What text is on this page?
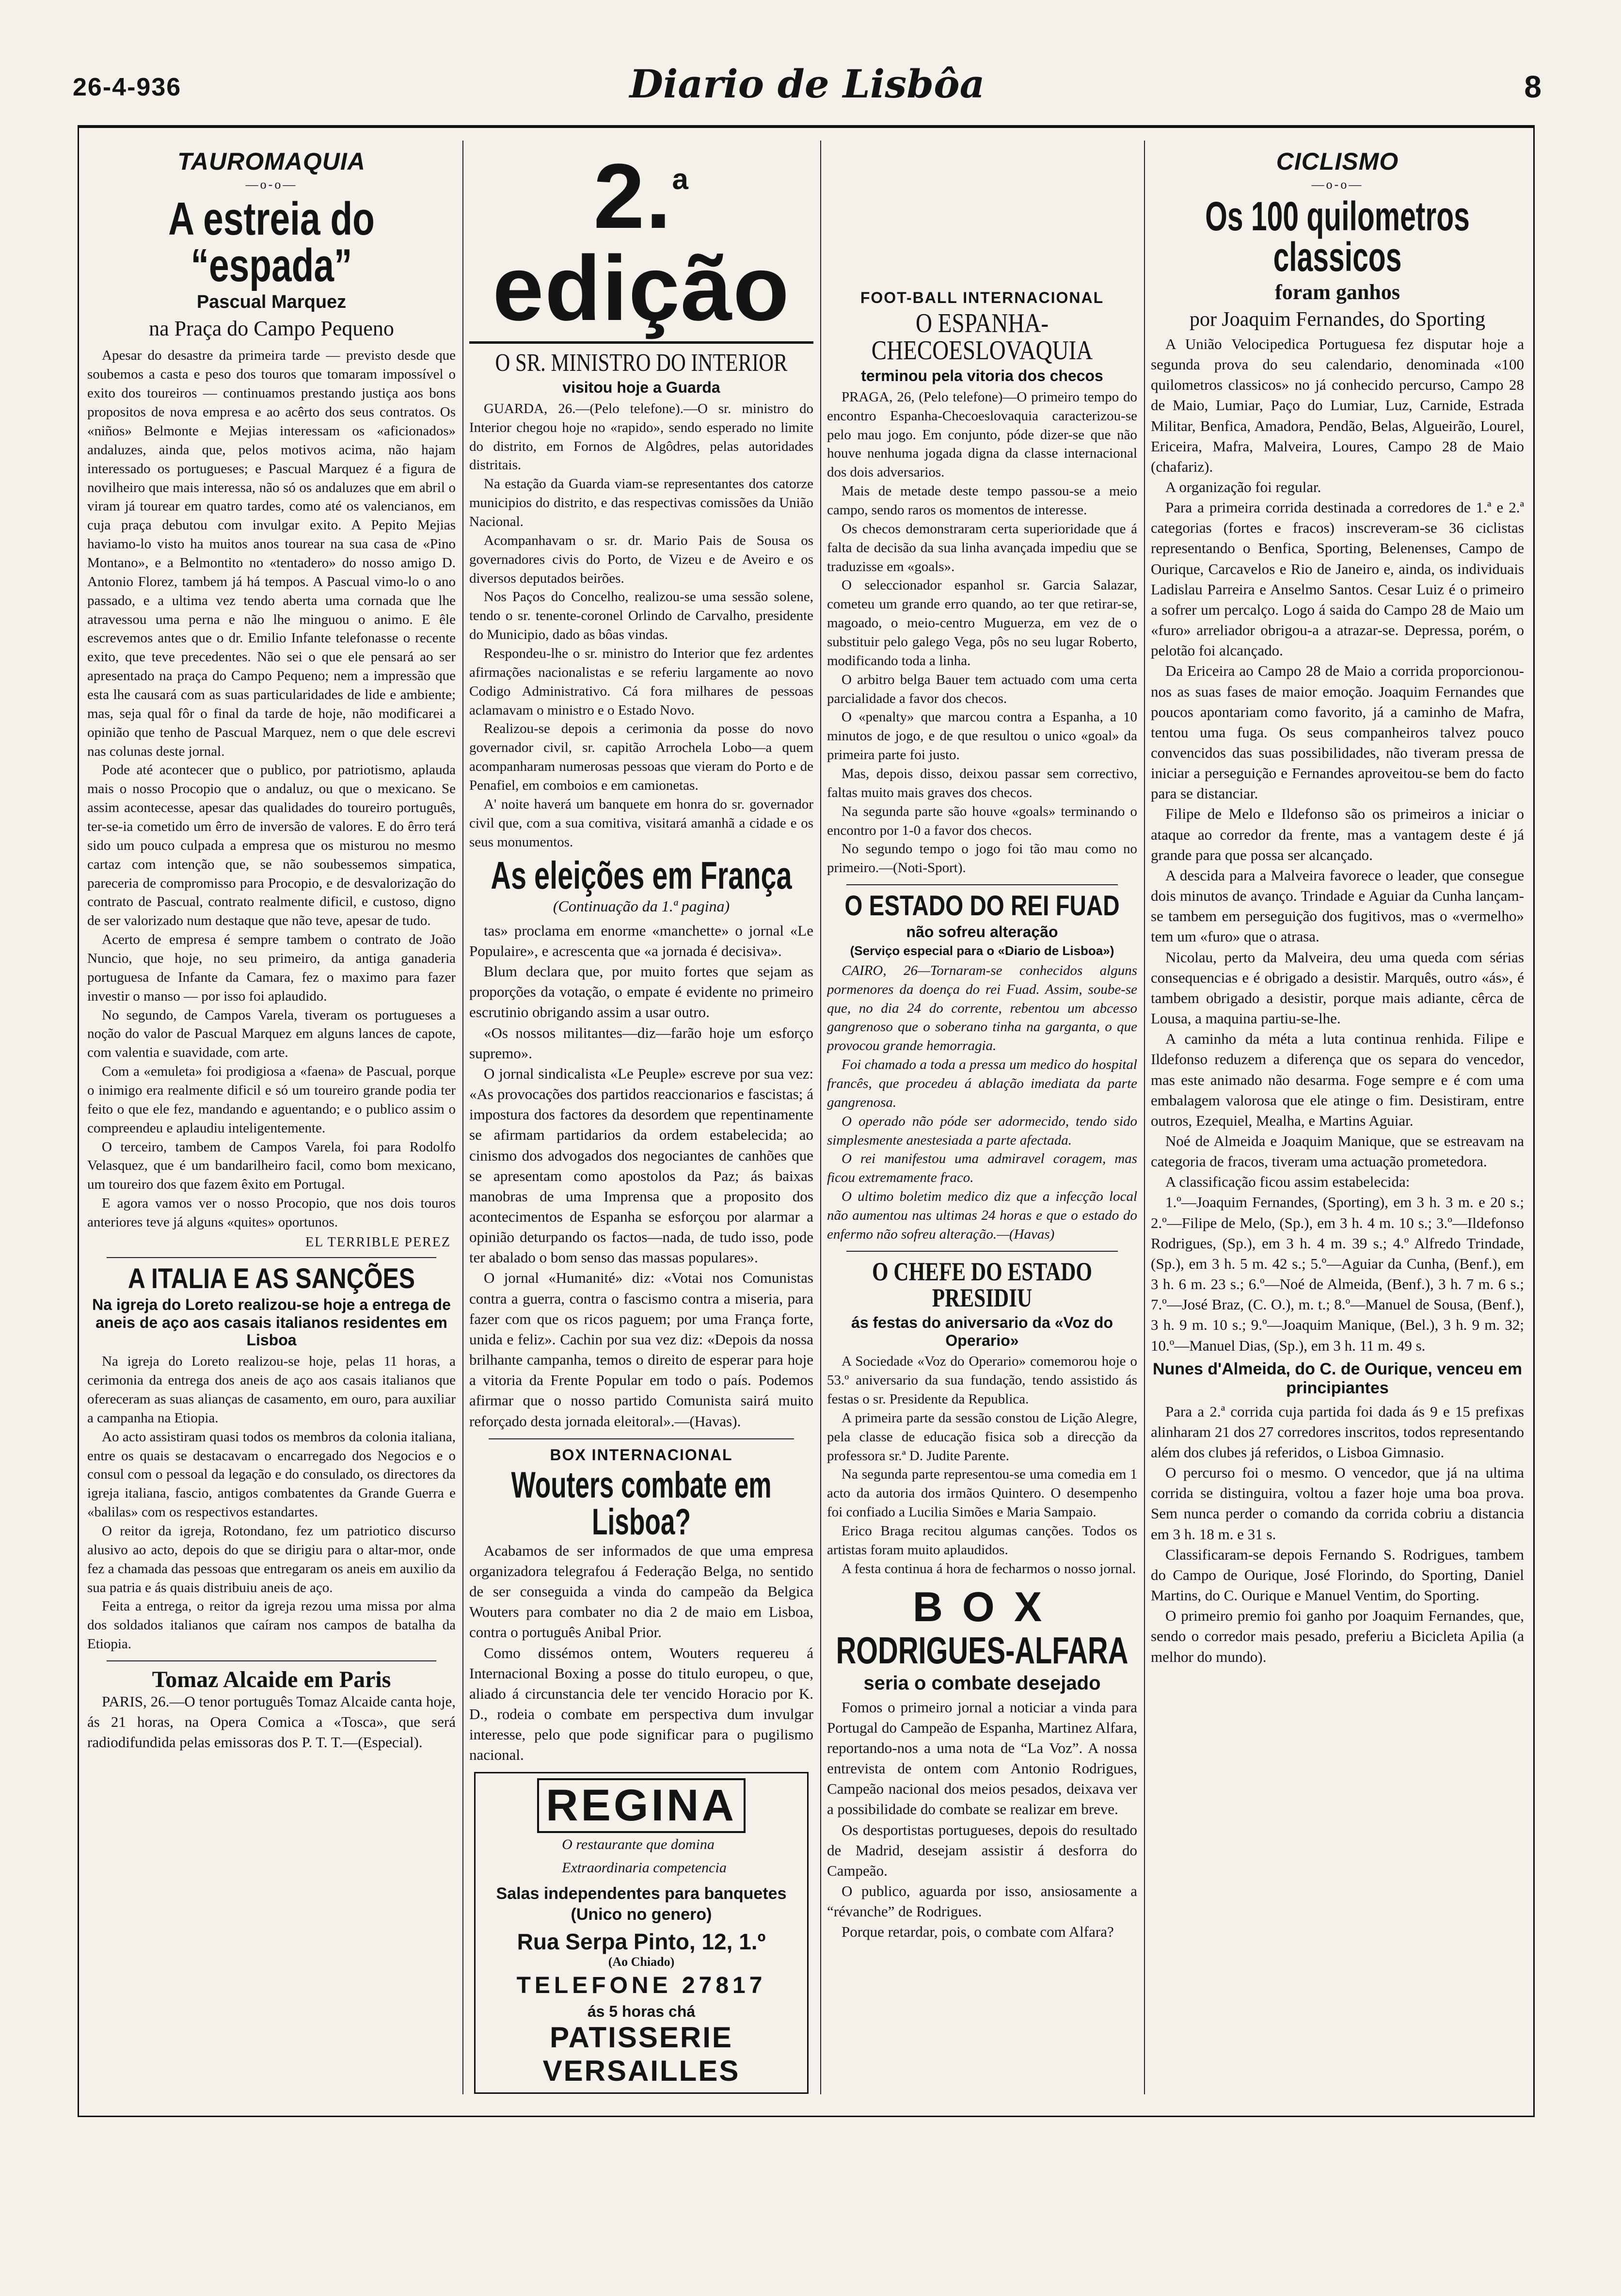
26-4-936	Diario de Lisbôa	8
TAUROMAQUIA
—o-o—
A estreia do “espada”
Pascual Marquez
na Praça do Campo Pequeno

Apesar do desastre da primeira tarde — previsto desde que soubemos a casta e peso dos touros que tomaram impossível o exito dos toureiros — continuamos prestando justiça aos bons propositos de nova empresa e ao acêrto dos seus contratos. Os «niños» Belmonte e Mejias interessam os «aficionados» andaluzes, ainda que, pelos motivos acima, não hajam interessado os portugueses; e Pascual Marquez é a figura de novilheiro que mais interessa, não só os andaluzes que em abril o viram já tourear em quatro tardes, como até os valencianos, em cuja praça debutou com invulgar exito. A Pepito Mejias haviamo-lo visto ha muitos anos tourear na sua casa de «Pino Montano», e a Belmontito no «tentadero» do nosso amigo D. Antonio Florez, tambem já há tempos. A Pascual vimo-lo o ano passado, e a ultima vez tendo aberta uma cornada que lhe atravessou uma perna e não lhe minguou o animo. E êle escrevemos antes que o dr. Emilio Infante telefonasse o recente exito, que teve precedentes. Não sei o que ele pensará ao ser apresentado na praça do Campo Pequeno; nem a impressão que esta lhe causará com as suas particularidades de lide e ambiente; mas, seja qual fôr o final da tarde de hoje, não modificarei a opinião que tenho de Pascual Marquez, nem o que dele escrevi nas colunas deste jornal.

Pode até acontecer que o publico, por patriotismo, aplauda mais o nosso Procopio que o andaluz, ou que o mexicano. Se assim acontecesse, apesar das qualidades do toureiro português, ter-se-ia cometido um êrro de inversão de valores. E do êrro terá sido um pouco culpada a empresa que os misturou no mesmo cartaz com intenção que, se não soubessemos simpatica, pareceria de compromisso para Procopio, e de desvalorização do contrato de Pascual, contrato realmente dificil, e custoso, digno de ser valorizado num destaque que não teve, apesar de tudo.

Acerto de empresa é sempre tambem o contrato de João Nuncio, que hoje, no seu primeiro, da antiga ganaderia portuguesa de Infante da Camara, fez o maximo para fazer investir o manso — por isso foi aplaudido.

No segundo, de Campos Varela, tiveram os portugueses a noção do valor de Pascual Marquez em alguns lances de capote, com valentia e suavidade, com arte.

Com a «emuleta» foi prodigiosa a «faena» de Pascual, porque o inimigo era realmente dificil e só um toureiro grande podia ter feito o que ele fez, mandando e aguentando; e o publico assim o compreendeu e aplaudiu inteligentemente.

O terceiro, tambem de Campos Varela, foi para Rodolfo Velasquez, que é um bandarilheiro facil, como bom mexicano, um toureiro dos que fazem êxito em Portugal.

E agora vamos ver o nosso Procopio, que nos dois touros anteriores teve já alguns «quites» oportunos.

EL TERRIBLE PEREZ
A ITALIA E AS SANÇÕES
Na igreja do Loreto realizou-se hoje a entrega de aneis de aço aos casais italianos residentes em Lisboa

Na igreja do Loreto realizou-se hoje, pelas 11 horas, a cerimonia da entrega dos aneis de aço aos casais italianos que ofereceram as suas alianças de casamento, em ouro, para auxiliar a campanha na Etiopia.

Ao acto assistiram quasi todos os membros da colonia italiana, entre os quais se destacavam o encarregado dos Negocios e o consul com o pessoal da legação e do consulado, os directores da igreja italiana, fascio, antigos combatentes da Grande Guerra e «balilas» com os respectivos estandartes.

O reitor da igreja, Rotondano, fez um patriotico discurso alusivo ao acto, depois do que se dirigiu para o altar-mor, onde fez a chamada das pessoas que entregaram os aneis em auxilio da sua patria e ás quais distribuiu aneis de aço.

Feita a entrega, o reitor da igreja rezou uma missa por alma dos soldados italianos que caíram nos campos de batalha da Etiopia.

Tomaz Alcaide em Paris

PARIS, 26.—O tenor português Tomaz Alcaide canta hoje, ás 21 horas, na Opera Comica a «Tosca», que será radiodifundida pelas emissoras dos P. T. T.—(Especial).

2.$^a$ edição
O SR. MINISTRO DO INTERIOR
visitou hoje a Guarda

GUARDA, 26.—(Pelo telefone).—O sr. ministro do Interior chegou hoje no «rapido», sendo esperado no limite do distrito, em Fornos de Algôdres, pelas autoridades distritais.

Na estação da Guarda viam-se representantes dos catorze municipios do distrito, e das respectivas comissões da União Nacional.

Acompanhavam o sr. dr. Mario Pais de Sousa os governadores civis do Porto, de Vizeu e de Aveiro e os diversos deputados beirões.

Nos Paços do Concelho, realizou-se uma sessão solene, tendo o sr. tenente-coronel Orlindo de Carvalho, presidente do Municipio, dado as bôas vindas.

Respondeu-lhe o sr. ministro do Interior que fez ardentes afirmações nacionalistas e se referiu largamente ao novo Codigo Administrativo. Cá fora milhares de pessoas aclamavam o ministro e o Estado Novo.

Realizou-se depois a cerimonia da posse do novo governador civil, sr. capitão Arrochela Lobo—a quem acompanharam numerosas pessoas que vieram do Porto e de Penafiel, em comboios e em camionetas.

A' noite haverá um banquete em honra do sr. governador civil que, com a sua comitiva, visitará amanhã a cidade e os seus monumentos.

As eleições em França
(Continuação da 1.ª pagina)

tas» proclama em enorme «manchette» o jornal «Le Populaire», e acrescenta que «a jornada é decisiva».

Blum declara que, por muito fortes que sejam as proporções da votação, o empate é evidente no primeiro escrutinio obrigando assim a usar outro.

«Os nossos militantes—diz—farão hoje um esforço supremo».

O jornal sindicalista «Le Peuple» escreve por sua vez: «As provocações dos partidos reaccionarios e fascistas; á impostura dos factores da desordem que repentinamente se afirmam partidarios da ordem estabelecida; ao cinismo dos advogados dos negociantes de canhões que se apresentam como apostolos da Paz; ás baixas manobras de uma Imprensa que a proposito dos acontecimentos de Espanha se esforçou por alarmar a opinião deturpando os factos—nada, de tudo isso, pode ter abalado o bom senso das massas populares».

O jornal «Humanité» diz: «Votai nos Comunistas contra a guerra, contra o fascismo contra a miseria, para fazer com que os ricos paguem; por uma França forte, unida e feliz». Cachin por sua vez diz: «Depois da nossa brilhante campanha, temos o direito de esperar para hoje a vitoria da Frente Popular em todo o país. Podemos afirmar que o nosso partido Comunista sairá muito reforçado desta jornada eleitoral».—(Havas).

BOX INTERNACIONAL
Wouters combate em Lisboa?

Acabamos de ser informados de que uma empresa organizadora telegrafou á Federação Belga, no sentido de ser conseguida a vinda do campeão da Belgica Wouters para combater no dia 2 de maio em Lisboa, contra o português Anibal Prior.

Como dissémos ontem, Wouters requereu á Internacional Boxing a posse do titulo europeu, o que, aliado á circunstancia dele ter vencido Horacio por K. D., rodeia o combate em perspectiva dum invulgar interesse, pelo que pode significar para o pugilismo nacional.

REGINA O restaurante que domina
Extraordinaria competencia
Salas independentes para banquetes (Unico no genero)
Rua Serpa Pinto, 12, 1.º
(Ao Chiado)
TELEFONE 27817
ás 5 horas chá
PATISSERIE VERSAILLES
FOOT-BALL INTERNACIONAL
O ESPANHA-CHECOESLOVAQUIA
terminou pela vitoria dos checos

PRAGA, 26, (Pelo telefone)—O primeiro tempo do encontro Espanha-Checoeslovaquia caracterizou-se pelo mau jogo. Em conjunto, póde dizer-se que não houve nenhuma jogada digna da classe internacional dos dois adversarios.

Mais de metade deste tempo passou-se a meio campo, sendo raros os momentos de interesse.

Os checos demonstraram certa superioridade que á falta de decisão da sua linha avançada impediu que se traduzisse em «goals».

O seleccionador espanhol sr. Garcia Salazar, cometeu um grande erro quando, ao ter que retirar-se, magoado, o meio-centro Muguerza, em vez de o substituir pelo galego Vega, pôs no seu lugar Roberto, modificando toda a linha.

O arbitro belga Bauer tem actuado com uma certa parcialidade a favor dos checos.

O «penalty» que marcou contra a Espanha, a 10 minutos de jogo, e de que resultou o unico «goal» da primeira parte foi justo.

Mas, depois disso, deixou passar sem correctivo, faltas muito mais graves dos checos.

Na segunda parte são houve «goals» terminando o encontro por 1-0 a favor dos checos.

No segundo tempo o jogo foi tão mau como no primeiro.—(Noti-Sport).

O ESTADO DO REI FUAD
não sofreu alteração
(Serviço especial para o «Diario de Lisboa»)

CAIRO, 26—Tornaram-se conhecidos alguns pormenores da doença do rei Fuad. Assim, soube-se que, no dia 24 do corrente, rebentou um abcesso gangrenoso que o soberano tinha na garganta, o que provocou grande hemorragia.

Foi chamado a toda a pressa um medico do hospital francês, que procedeu á ablação imediata da parte gangrenosa.

O operado não póde ser adormecido, tendo sido simplesmente anestesiada a parte afectada.

O rei manifestou uma admiravel coragem, mas ficou extremamente fraco.

O ultimo boletim medico diz que a infecção local não aumentou nas ultimas 24 horas e que o estado do enfermo não sofreu alteração.—(Havas)

O CHEFE DO ESTADO PRESIDIU
ás festas do aniversario da «Voz do Operario»

A Sociedade «Voz do Operario» comemorou hoje o 53.º aniversario da sua fundação, tendo assistido ás festas o sr. Presidente da Republica.

A primeira parte da sessão constou de Lição Alegre, pela classe de educação fisica sob a direcção da professora sr.ª D. Judite Parente.

Na segunda parte representou-se uma comedia em 1 acto da autoria dos irmãos Quintero. O desempenho foi confiado a Lucilia Simões e Maria Sampaio.

Erico Braga recitou algumas canções. Todos os artistas foram muito aplaudidos.

A festa continua á hora de fecharmos o nosso jornal.

BOX
RODRIGUES-ALFARA
seria o combate desejado

Fomos o primeiro jornal a noticiar a vinda para Portugal do Campeão de Espanha, Martinez Alfara, reportando-nos a uma nota de “La Voz”. A nossa entrevista de ontem com Antonio Rodrigues, Campeão nacional dos meios pesados, deixava ver a possibilidade do combate se realizar em breve.

Os desportistas portugueses, depois do resultado de Madrid, desejam assistir á desforra do Campeão.

O publico, aguarda por isso, ansiosamente a “révanche” de Rodrigues.

Porque retardar, pois, o combate com Alfara?

CICLISMO
—o-o—
Os 100 quilometros classicos
foram ganhos
por Joaquim Fernandes, do Sporting

A União Velocipedica Portuguesa fez disputar hoje a segunda prova do seu calendario, denominada «100 quilometros classicos» no já conhecido percurso, Campo 28 de Maio, Lumiar, Paço do Lumiar, Luz, Carnide, Estrada Militar, Benfica, Amadora, Pendão, Belas, Algueirão, Lourel, Ericeira, Mafra, Malveira, Loures, Campo 28 de Maio (chafariz).

A organização foi regular.

Para a primeira corrida destinada a corredores de 1.ª e 2.ª categorias (fortes e fracos) inscreveram-se 36 ciclistas representando o Benfica, Sporting, Belenenses, Campo de Ourique, Carcavelos e Rio de Janeiro e, ainda, os individuais Ladislau Parreira e Anselmo Santos. Cesar Luiz é o primeiro a sofrer um percalço. Logo á saida do Campo 28 de Maio um «furo» arreliador obrigou-a a atrazar-se. Depressa, porém, o pelotão foi alcançado.

Da Ericeira ao Campo 28 de Maio a corrida proporcionou-nos as suas fases de maior emoção. Joaquim Fernandes que poucos apontariam como favorito, já a caminho de Mafra, tentou uma fuga. Os seus companheiros talvez pouco convencidos das suas possibilidades, não tiveram pressa de iniciar a perseguição e Fernandes aproveitou-se bem do facto para se distanciar.

Filipe de Melo e Ildefonso são os primeiros a iniciar o ataque ao corredor da frente, mas a vantagem deste é já grande para que possa ser alcançado.

A descida para a Malveira favorece o leader, que consegue dois minutos de avanço. Trindade e Aguiar da Cunha lançam-se tambem em perseguição dos fugitivos, mas o «vermelho» tem um «furo» que o atrasa.

Nicolau, perto da Malveira, deu uma queda com sérias consequencias e é obrigado a desistir. Marquês, outro «ás», é tambem obrigado a desistir, porque mais adiante, cêrca de Lousa, a maquina partiu-se-lhe.

A caminho da méta a luta continua renhida. Filipe e Ildefonso reduzem a diferença que os separa do vencedor, mas este animado não desarma. Foge sempre e é com uma embalagem valorosa que ele atinge o fim. Desistiram, entre outros, Ezequiel, Mealha, e Martins Aguiar.

Noé de Almeida e Joaquim Manique, que se estreavam na categoria de fracos, tiveram uma actuação prometedora.

A classificação ficou assim estabelecida:

1.º—Joaquim Fernandes, (Sporting), em 3 h. 3 m. e 20 s.; 2.º—Filipe de Melo, (Sp.), em 3 h. 4 m. 10 s.; 3.º—Ildefonso Rodrigues, (Sp.), em 3 h. 4 m. 39 s.; 4.º Alfredo Trindade, (Sp.), em 3 h. 5 m. 42 s.; 5.º—Aguiar da Cunha, (Benf.), em 3 h. 6 m. 23 s.; 6.º—Noé de Almeida, (Benf.), 3 h. 7 m. 6 s.; 7.º—José Braz, (C. O.), m. t.; 8.º—Manuel de Sousa, (Benf.), 3 h. 9 m. 10 s.; 9.º—Joaquim Manique, (Bel.), 3 h. 9 m. 32; 10.º—Manuel Dias, (Sp.), em 3 h. 11 m. 49 s.

Nunes d'Almeida, do C. de Ourique, venceu em principiantes

Para a 2.ª corrida cuja partida foi dada ás 9 e 15 prefixas alinharam 21 dos 27 corredores inscritos, todos representando além dos clubes já referidos, o Lisboa Gimnasio.

O percurso foi o mesmo. O vencedor, que já na ultima corrida se distinguira, voltou a fazer hoje uma boa prova. Sem nunca perder o comando da corrida cobriu a distancia em 3 h. 18 m. e 31 s.

Classificaram-se depois Fernando S. Rodrigues, tambem do Campo de Ourique, José Florindo, do Sporting, Daniel Martins, do C. Ourique e Manuel Ventim, do Sporting.

O primeiro premio foi ganho por Joaquim Fernandes, que, sendo o corredor mais pesado, preferiu a Bicicleta Apilia (a melhor do mundo).
